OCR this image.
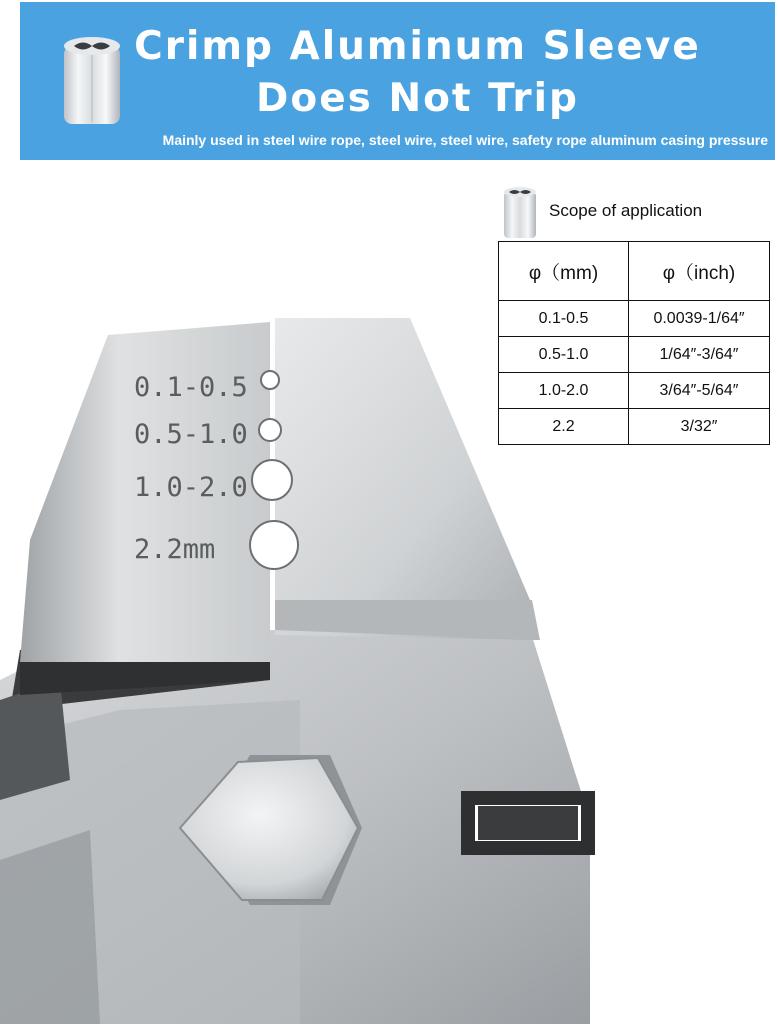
Crimp Aluminum Sleeve
Does Not Trip
Mainly used in steel wire rope, steel wire, steel wire, safety rope aluminum casing pressure
0.1-0.5
0.5-1.0
1.0-2.0
2.2mm
Scope of application
φ（mm)	φ（inch)
0.1-0.5	0.0039-1/64″
0.5-1.0	1/64″-3/64″
1.0-2.0	3/64″-5/64″
2.2	3/32″
